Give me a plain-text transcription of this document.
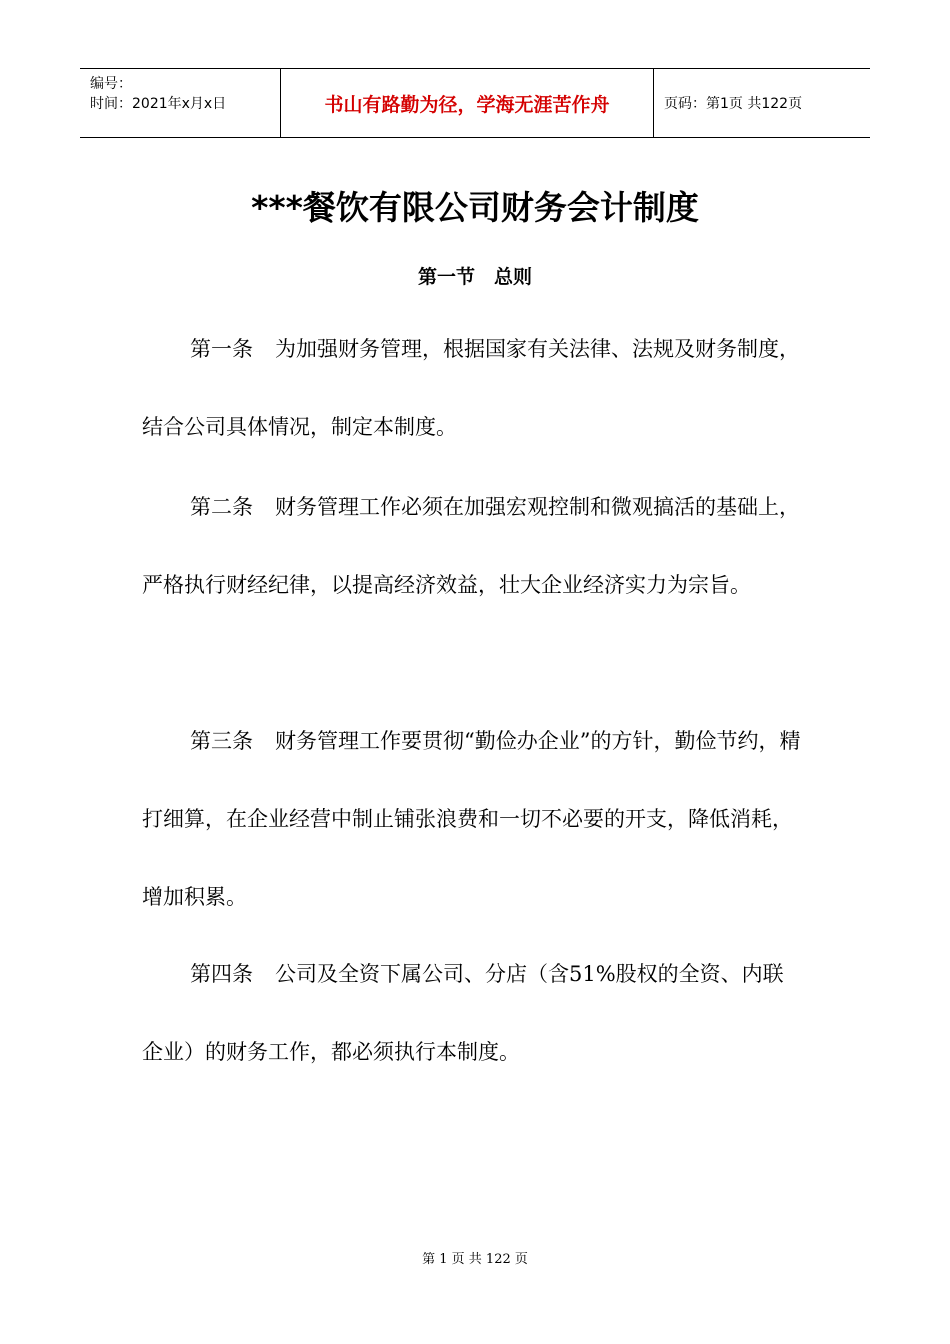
编号：
时间：2021年x月x日	书山有路勤为径，学海无涯苦作舟	页码：第1页 共122页
***餐饮有限公司财务会计制度
第一节　总则

第一条 为加强财务管理，根据国家有关法律、法规及财务制度，结合公司具体情况，制定本制度。

第二条 财务管理工作必须在加强宏观控制和微观搞活的基础上，严格执行财经纪律，以提高经济效益，壮大企业经济实力为宗旨。

第三条 财务管理工作要贯彻“勤俭办企业”的方针，勤俭节约，精打细算，在企业经营中制止铺张浪费和一切不必要的开支，降低消耗，增加积累。

第四条 公司及全资下属公司、分店（含51%股权的全资、内联企业）的财务工作，都必须执行本制度。

第 1 页 共 122 页
